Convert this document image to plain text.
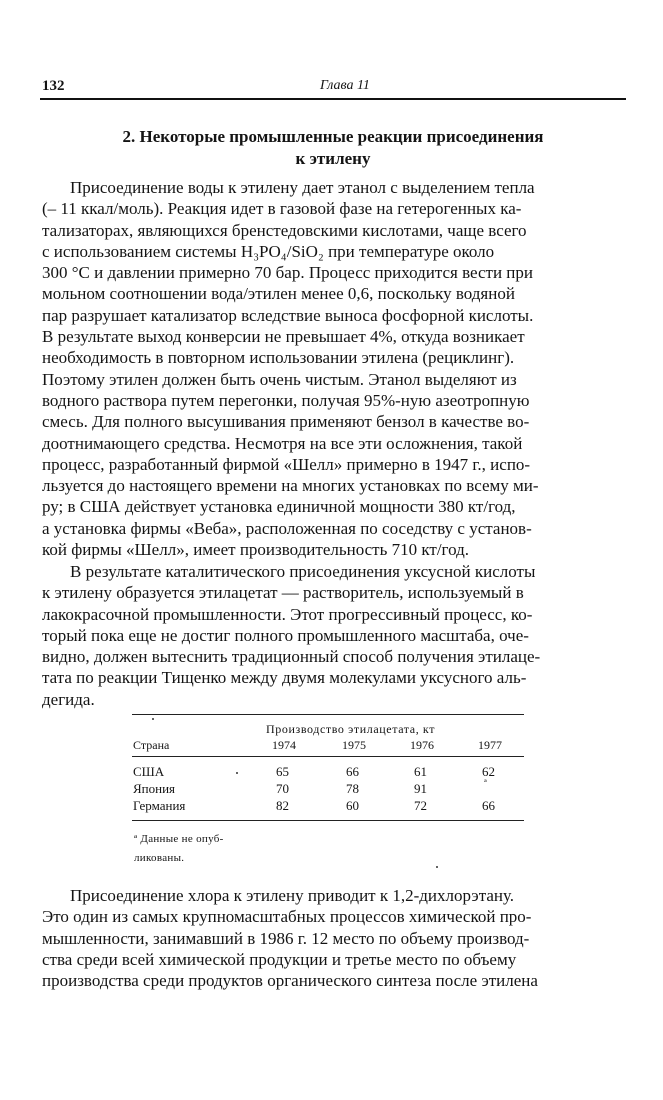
132	Глава 11
2. Некоторые промышленные реакции присоединения
к этилену
Присоединение воды к этилену дает этанол с выделением тепла
(– 11 ккал/моль). Реакция идет в газовой фазе на гетерогенных ка-
тализаторах, являющихся бренстедовскими кислотами, чаще всего
с использованием системы H₃PO₄/SiO₂ при температуре около
300 °C и давлении примерно 70 бар. Процесс приходится вести при
мольном соотношении вода/этилен менее 0,6, поскольку водяной
пар разрушает катализатор вследствие выноса фосфорной кислоты.
В результате выход конверсии не превышает 4%, откуда возникает
необходимость в повторном использовании этилена (рециклинг).
Поэтому этилен должен быть очень чистым. Этанол выделяют из
водного раствора путем перегонки, получая 95%-ную азеотропную
смесь. Для полного высушивания применяют бензол в качестве во-
доотнимающего средства. Несмотря на все эти осложнения, такой
процесс, разработанный фирмой «Шелл» примерно в 1947 г., испо-
льзуется до настоящего времени на многих установках по всему ми-
ру; в США действует установка единичной мощности 380 кт/год,
а установка фирмы «Веба», расположенная по соседству с установ-
кой фирмы «Шелл», имеет производительность 710 кт/год.
В результате каталитического присоединения уксусной кислоты
к этилену образуется этилацетат — растворитель, используемый в
лакокрасочной промышленности. Этот прогрессивный процесс, ко-
торый пока еще не достиг полного промышленного масштаба, оче-
видно, должен вытеснить традиционный способ получения этилаце-
тата по реакции Тищенко между двумя молекулами уксусного аль-
дегида.
Производство этилацетата, кт
Страна	1974	1975	1976	1977
США	65	66	61	62
Япония	70	78	91	ª
Германия	82	60	72	66
ª Данные не опуб-
ликованы.
Присоединение хлора к этилену приводит к 1,2-дихлорэтану.
Это один из самых крупномасштабных процессов химической про-
мышленности, занимавший в 1986 г. 12 место по объему производ-
ства среди всей химической продукции и третье место по объему
производства среди продуктов органического синтеза после этилена
